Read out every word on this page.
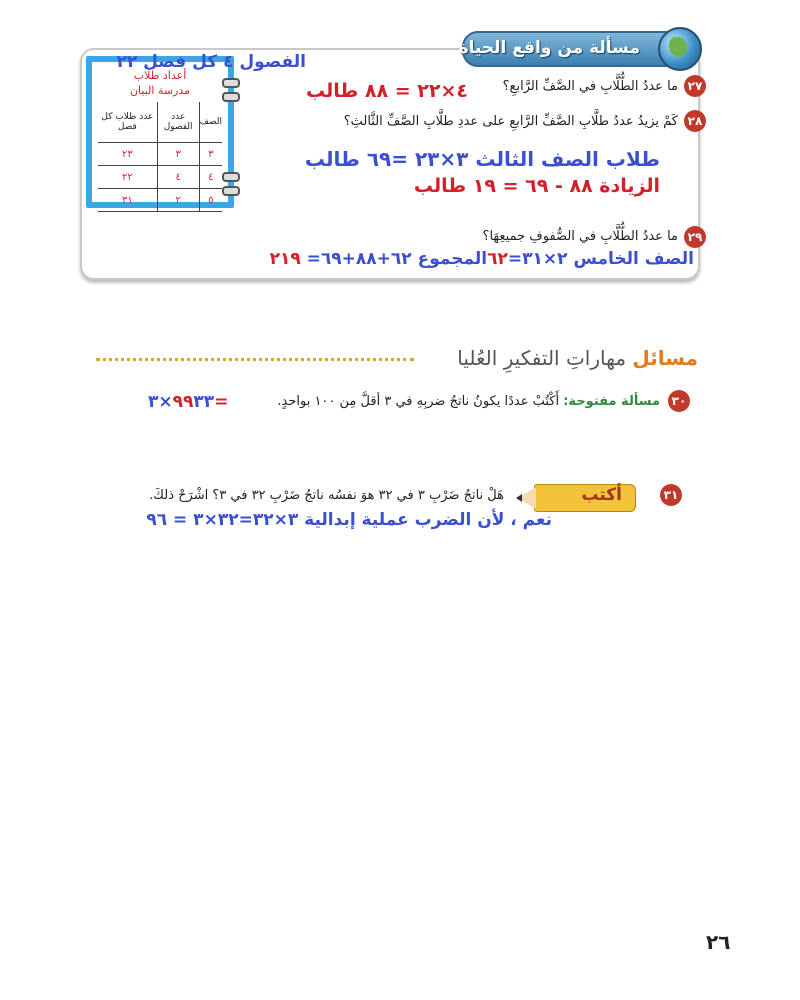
مسألة من واقع الحياة
أعداد طلاب
مدرسة البيان
الصف	عدد الفصول	عدد طلاب كل فصل
٣	٣	٢٣
٤	٤	٢٢
٥	٢	٣١
الفصول ٤ كل فصل ٢٢
٢٧
ما عددُ الطُّلَّابِ في الصَّفِّ الرَّابعِ؟
٤×٢٢ = ٨٨ طالب
٢٨
كَمْ يزيدُ عددُ طلَّابِ الصَّفِّ الرَّابعِ على عددِ طلَّابِ الصَّفِّ الثَّالثِ؟
طلاب الصف الثالث ٣×٢٣ =٦٩ طالب
الزيادة ٨٨ - ٦٩ = ١٩ طالب
٢٩
ما عددُ الطُّلَّابِ في الصُّفوفِ جميعِهَا؟
الصف الخامس ٢×٣١=٦٢المجموع ٦٢+٨٨+٦٩= ٢١٩
مسائل مهاراتِ التفكيرِ العُليا
٣٠
مسألة مفتوحة: أَكْتُبْ عددًا يكونُ ناتجُ ضربِهِ في ٣ أقلَّ مِن ١٠٠ بواحدٍ.
=٩٩٣٣×٣
٣١
أكتب
هَلْ ناتجُ ضَرْبِ ٣ في ٣٢ هوَ نفسُه ناتجُ ضَرْبِ ٣٢ في ٣؟ اشْرَحْ ذلكَ.
نعم ، لأن الضرب عملية إبدالية ٣×٣٢=٣٢×٣ = ٩٦
٢٦
